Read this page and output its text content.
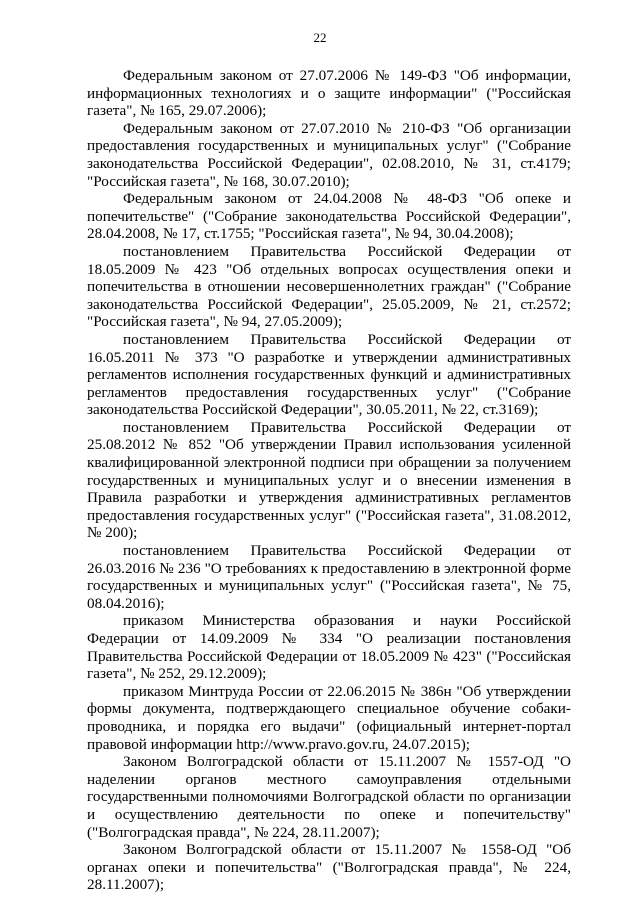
22

Федеральным законом от 27.07.2006 № 149-ФЗ "Об информации, информационных технологиях и о защите информации" ("Российская газета", № 165, 29.07.2006);

Федеральным законом от 27.07.2010 № 210-ФЗ "Об организации предоставления государственных и муниципальных услуг" ("Собрание законодательства Российской Федерации", 02.08.2010, № 31, ст.4179; "Российская газета", № 168, 30.07.2010);

Федеральным законом от 24.04.2008 № 48-ФЗ "Об опеке и попечительстве" ("Собрание законодательства Российской Федерации", 28.04.2008, № 17, ст.1755; "Российская газета", № 94, 30.04.2008);

постановлением Правительства Российской Федерации от 18.05.2009 № 423 "Об отдельных вопросах осуществления опеки и попечительства в отношении несовершеннолетних граждан" ("Собрание законодательства Российской Федерации", 25.05.2009, № 21, ст.2572; "Российская газета", № 94, 27.05.2009);

постановлением Правительства Российской Федерации от 16.05.2011 № 373 "О разработке и утверждении административных регламентов исполнения государственных функций и административных регламентов предоставления государственных услуг" ("Собрание законодательства Российской Федерации", 30.05.2011, № 22, ст.3169);

постановлением Правительства Российской Федерации от 25.08.2012 № 852 "Об утверждении Правил использования усиленной квалифицированной электронной подписи при обращении за получением государственных и муниципальных услуг и о внесении изменения в Правила разработки и утверждения административных регламентов предоставления государственных услуг" ("Российская газета", 31.08.2012, № 200);

постановлением Правительства Российской Федерации от 26.03.2016 № 236 "О требованиях к предоставлению в электронной форме государственных и муниципальных услуг" ("Российская газета", № 75, 08.04.2016);

приказом Министерства образования и науки Российской Федерации от 14.09.2009 № 334 "О реализации постановления Правительства Российской Федерации от 18.05.2009 № 423" ("Российская газета", № 252, 29.12.2009);

приказом Минтруда России от 22.06.2015 № 386н "Об утверждении формы документа, подтверждающего специальное обучение собаки-проводника, и порядка его выдачи" (официальный интернет-портал правовой информации http://www.pravo.gov.ru, 24.07.2015);

Законом Волгоградской области от 15.11.2007 № 1557-ОД "О наделении органов местного самоуправления отдельными государственными полномочиями Волгоградской области по организации и осуществлению деятельности по опеке и попечительству" ("Волгоградская правда", № 224, 28.11.2007);

Законом Волгоградской области от 15.11.2007 № 1558-ОД "Об органах опеки и попечительства" ("Волгоградская правда", № 224, 28.11.2007);
